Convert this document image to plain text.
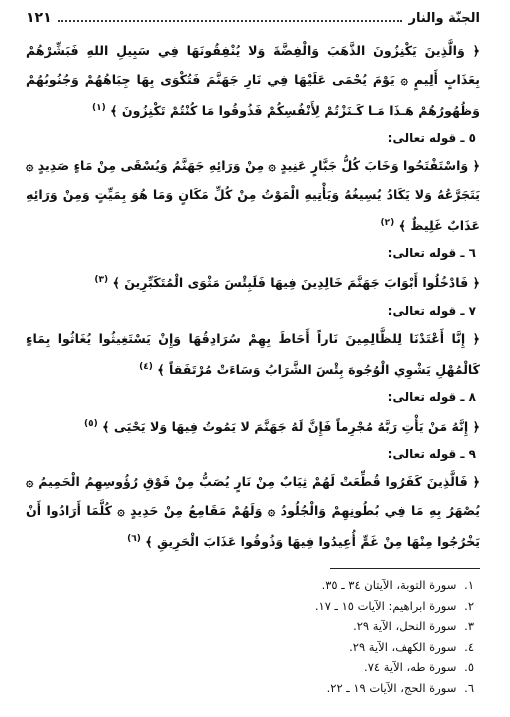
الجنّة والنار
١٢١

﴿ وَالَّذِينَ يَكْنِزُونَ الذَّهَبَ وَالْفِضَّةَ وَلا يُنْفِقُونَهَا فِي سَبِيلِ اللهِ فَبَشِّرْهُمْ بِعَذَابٍ أَلِيمٍ ۞ يَوْمَ يُحْمَى عَلَيْهَا فِي نَارِ جَهَنَّمَ فَتُكْوَى بِهَا جِبَاهُهُمْ وَجُنُوبُهُمْ وَظُهُورُهُمْ هَـذَا مَـا كَـنَزْتُمْ لِأَنْفُسِكُمْ فَذُوقُوا مَا كُنْتُمْ تَكْنِزُونَ ﴾ $^{(١)}$

٥ ـ قوله تعالى:

﴿ وَاسْتَفْتَحُوا وَخَابَ كُلُّ جَبَّارٍ عَنِيدٍ ۞ مِنْ وَرَائِهِ جَهَنَّمُ وَيُسْقَى مِنْ مَاءٍ صَدِيدٍ ۞ يَتَجَرَّعُهُ وَلا يَكَادُ يُسِيغُهُ وَيَأْتِيهِ الْمَوْتُ مِنْ كُلِّ مَكَانٍ وَمَا هُوَ بِمَيِّتٍ وَمِنْ وَرَائِهِ عَذَابٌ غَلِيظٌ ﴾ $^{(٢)}$

٦ ـ قوله تعالى:

﴿ فَادْخُلُوا أَبْوَابَ جَهَنَّمَ خَالِدِينَ فِيهَا فَلَبِئْسَ مَثْوَى الْمُتَكَبِّرِينَ ﴾ $^{(٣)}$

٧ ـ قوله تعالى:

﴿ إِنَّا أَعْتَدْنَا لِلظَّالِمِينَ نَاراً أَحَاطَ بِهِمْ سُرَادِقُهَا وَإِنْ يَسْتَغِيثُوا يُغَاثُوا بِمَاءٍ كَالْمُهْلِ يَشْوِي الْوُجُوهَ بِئْسَ الشَّرَابُ وَسَاءَتْ مُرْتَفَقاً ﴾ $^{(٤)}$

٨ ـ قوله تعالى:

﴿ إِنَّهُ مَنْ يَأْتِ رَبَّهُ مُجْرِماً فَإِنَّ لَهُ جَهَنَّمَ لا يَمُوتُ فِيهَا وَلا يَحْيَى ﴾ $^{(٥)}$

٩ ـ قوله تعالى:

﴿ فَالَّذِينَ كَفَرُوا قُطِّعَتْ لَهُمْ ثِيَابٌ مِنْ نَارٍ يُصَبُّ مِنْ فَوْقِ رُؤُوسِهِمُ الْحَمِيمُ ۞ يُصْهَرُ بِهِ مَا فِي بُطُونِهِمْ وَالْجُلُودُ ۞ وَلَهُمْ مَقَامِعُ مِنْ حَدِيدٍ ۞ كُلَّمَا أَرَادُوا أَنْ يَخْرُجُوا مِنْهَا مِنْ غَمٍّ أُعِيدُوا فِيهَا وَذُوقُوا عَذَابَ الْحَرِيقِ ﴾ $^{(٦)}$

١. سورة التوبة، الآيتان ٣٤ ـ ٣٥.
٢. سورة ابراهيم: الآيات ١٥ ـ ١٧.
٣. سورة النحل، الآية ٢٩.
٤. سورة الكهف، الآية ٢٩.
٥. سورة طه، الآية ٧٤.
٦. سورة الحج، الآيات ١٩ ـ ٢٢.
